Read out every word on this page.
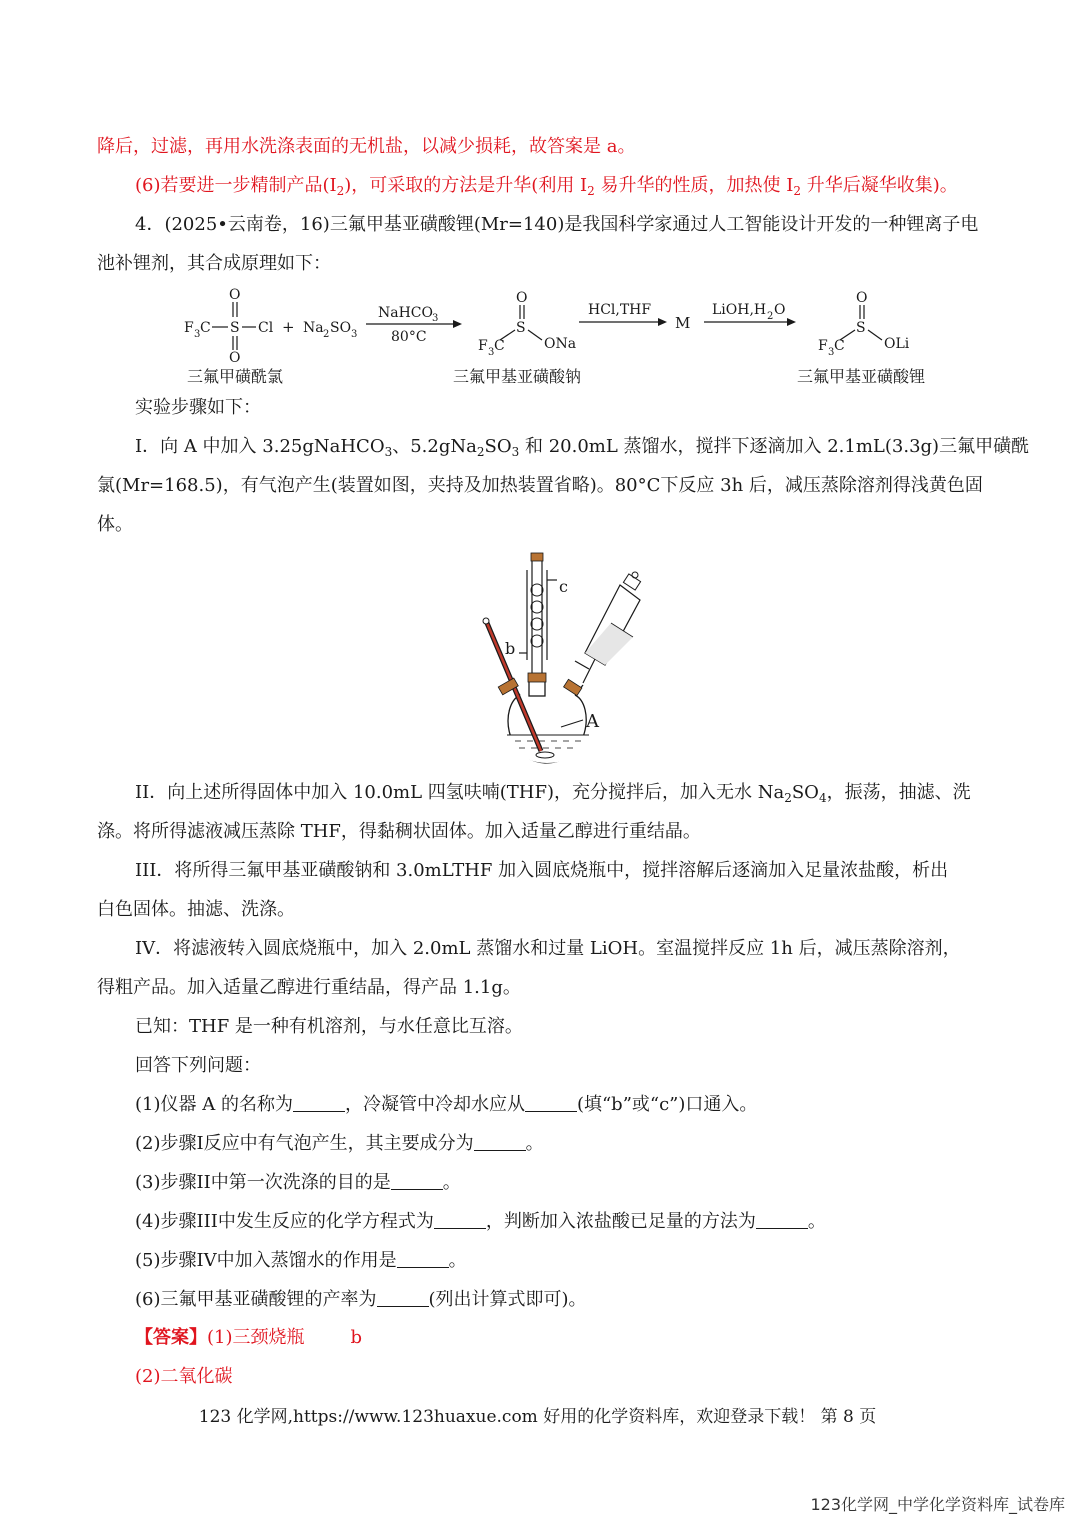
降后，过滤，再用水洗涤表面的无机盐，以减少损耗，故答案是 a。
(6)若要进一步精制产品$(I_2)$，可采取的方法是升华(利用 $I_2$ 易升华的性质，加热使 $I_2$ 升华后凝华收集)。
4．(2025•云南卷，16)三氟甲基亚磺酸锂(Mr=140)是我国科学家通过人工智能设计开发的一种锂离子电
池补锂剂，其合成原理如下：
F 3 C S Cl
O
O
三氟甲磺酰氯
+ Na 2 SO 3
NaHCO 3
80°C
O
S
F 3 C	ONa
三氟甲基亚磺酸钠
HCl,THF
M
LiOH,H 2 O
O
S
F 3 C	OLi
三氟甲基亚磺酸锂
实验步骤如下：
I．向 A 中加入 3.25gNaHCO$_3$、$5.2gNa_2SO_3$ 和 20.0mL 蒸馏水，搅拌下逐滴加入 2.1mL(3.3g)三氟甲磺酰
氯(Mr=168.5)，有气泡产生(装置如图，夹持及加热装置省略)。80°C下反应 3h 后，减压蒸除溶剂得浅黄色固
体。
c
b
A
II．向上述所得固体中加入 10.0mL 四氢呋喃(THF)，充分搅拌后，加入无水 $Na_2SO_4$，振荡，抽滤、洗
涤。将所得滤液减压蒸除 THF，得黏稠状固体。加入适量乙醇进行重结晶。
III．将所得三氟甲基亚磺酸钠和 3.0mLTHF 加入圆底烧瓶中，搅拌溶解后逐滴加入足量浓盐酸，析出
白色固体。抽滤、洗涤。
IV．将滤液转入圆底烧瓶中，加入 2.0mL 蒸馏水和过量 LiOH。室温搅拌反应 1h 后，减压蒸除溶剂，
得粗产品。加入适量乙醇进行重结晶，得产品 1.1g。
已知：THF 是一种有机溶剂，与水任意比互溶。
回答下列问题：
(1)仪器 A 的名称为	，冷凝管中冷却水应从	(填“b”或“c”)口通入。
(2)步骤I反应中有气泡产生，其主要成分为	。
(3)步骤II中第一次洗涤的目的是	。
(4)步骤III中发生反应的化学方程式为	，判断加入浓盐酸已足量的方法为	。
(5)步骤IV中加入蒸馏水的作用是	。
(6)三氟甲基亚磺酸锂的产率为	(列出计算式即可)。
【答案】(1)三颈烧瓶	b
(2)二氧化碳
123 化学网,https://www.123huaxue.com 好用的化学资料库，欢迎登录下载！ 第 8 页
123化学网_中学化学资料库_试卷库
